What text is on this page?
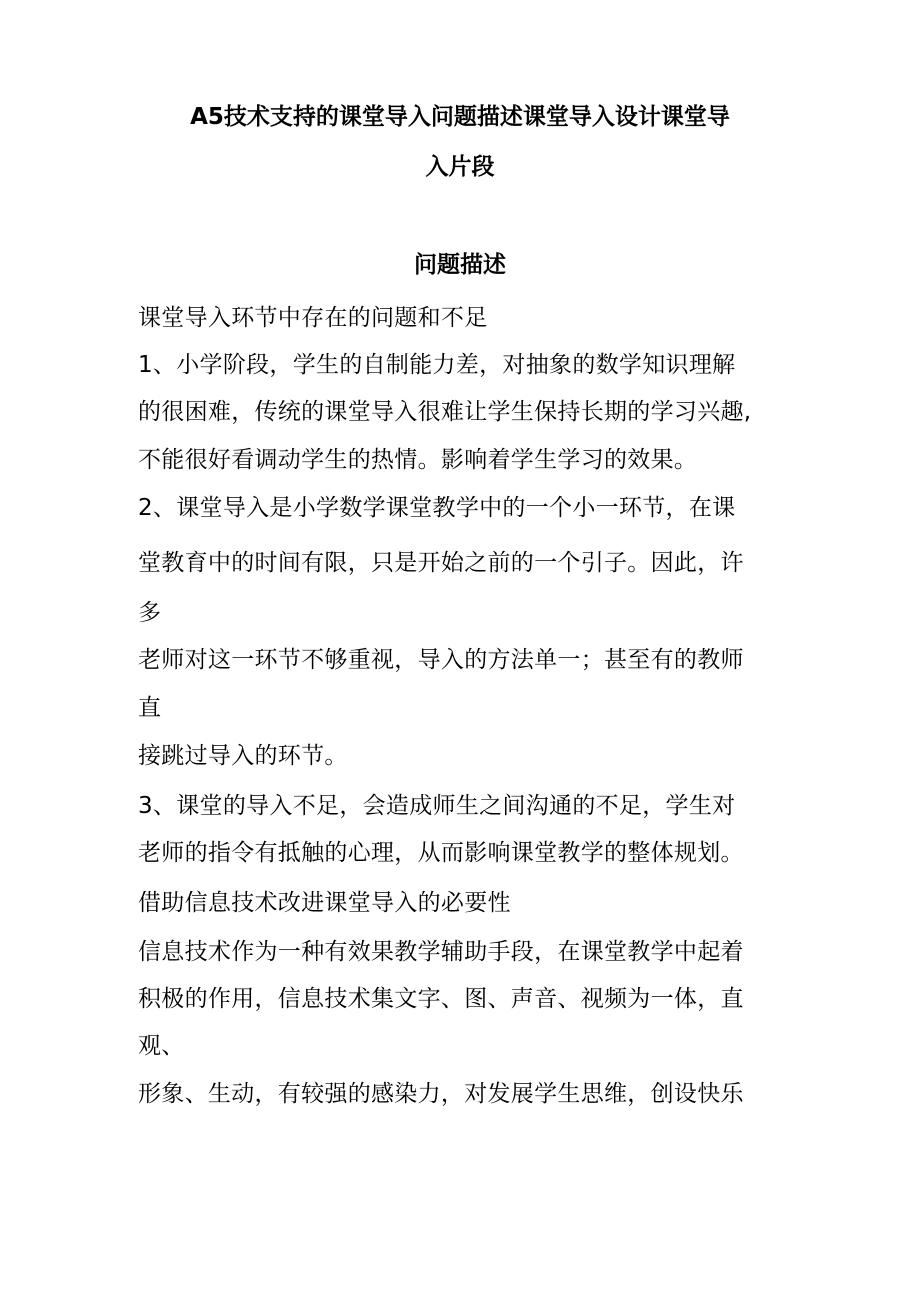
A5技术支持的课堂导入问题描述课堂导入设计课堂导
入片段
问题描述
课堂导入环节中存在的问题和不足
1、小学阶段，学生的自制能力差，对抽象的数学知识理解
的很困难，传统的课堂导入很难让学生保持长期的学习兴趣,
不能很好看调动学生的热情。影响着学生学习的效果。
2、课堂导入是小学数学课堂教学中的一个小一环节，在课
堂教育中的时间有限，只是开始之前的一个引子。因此，许
多
老师对这一环节不够重视，导入的方法单一；甚至有的教师
直
接跳过导入的环节。
3、课堂的导入不足，会造成师生之间沟通的不足，学生对
老师的指令有抵触的心理，从而影响课堂教学的整体规划。
借助信息技术改进课堂导入的必要性
信息技术作为一种有效果教学辅助手段，在课堂教学中起着
积极的作用，信息技术集文字、图、声音、视频为一体，直
观、
形象、生动，有较强的感染力，对发展学生思维，创设快乐
